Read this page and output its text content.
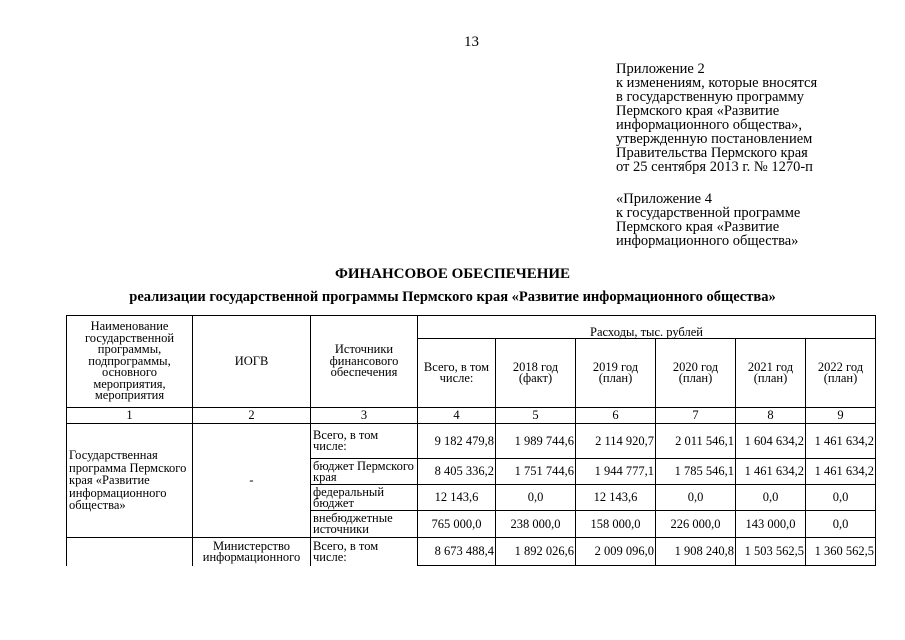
13
Приложение 2
к изменениям, которые вносятся
в государственную программу
Пермского края «Развитие
информационного общества»,
утвержденную постановлением
Правительства Пермского края
от 25 сентября 2013 г. № 1270-п
«Приложение 4
к государственной программе
Пермского края «Развитие
информационного общества»
ФИНАНСОВОЕ ОБЕСПЕЧЕНИЕ
реализации государственной программы Пермского края «Развитие информационного общества»
Наименование государственной программы, подпрограммы, основного мероприятия, мероприятия	ИОГВ	Источники финансового обеспечения	Расходы, тыс. рублей					
			Всего, в том числе:	2018 год (факт)	2019 год (план)	2020 год (план)	2021 год (план)	2022 год (план)
1	2	3	4	5	6	7	8	9
Государственная программа Пермского края «Развитие информационного общества»	-	Всего, в том числе:	9 182 479,8	1 989 744,6	2 114 920,7	2 011 546,1	1 604 634,2	1 461 634,2
		бюджет Пермского края	8 405 336,2	1 751 744,6	1 944 777,1	1 785 546,1	1 461 634,2	1 461 634,2
		федеральный бюджет	12 143,6	0,0	12 143,6	0,0	0,0	0,0
		внебюджетные источники	765 000,0	238 000,0	158 000,0	226 000,0	143 000,0	0,0
	Министерство информационного	Всего, в том числе:	8 673 488,4	1 892 026,6	2 009 096,0	1 908 240,8	1 503 562,5	1 360 562,5
